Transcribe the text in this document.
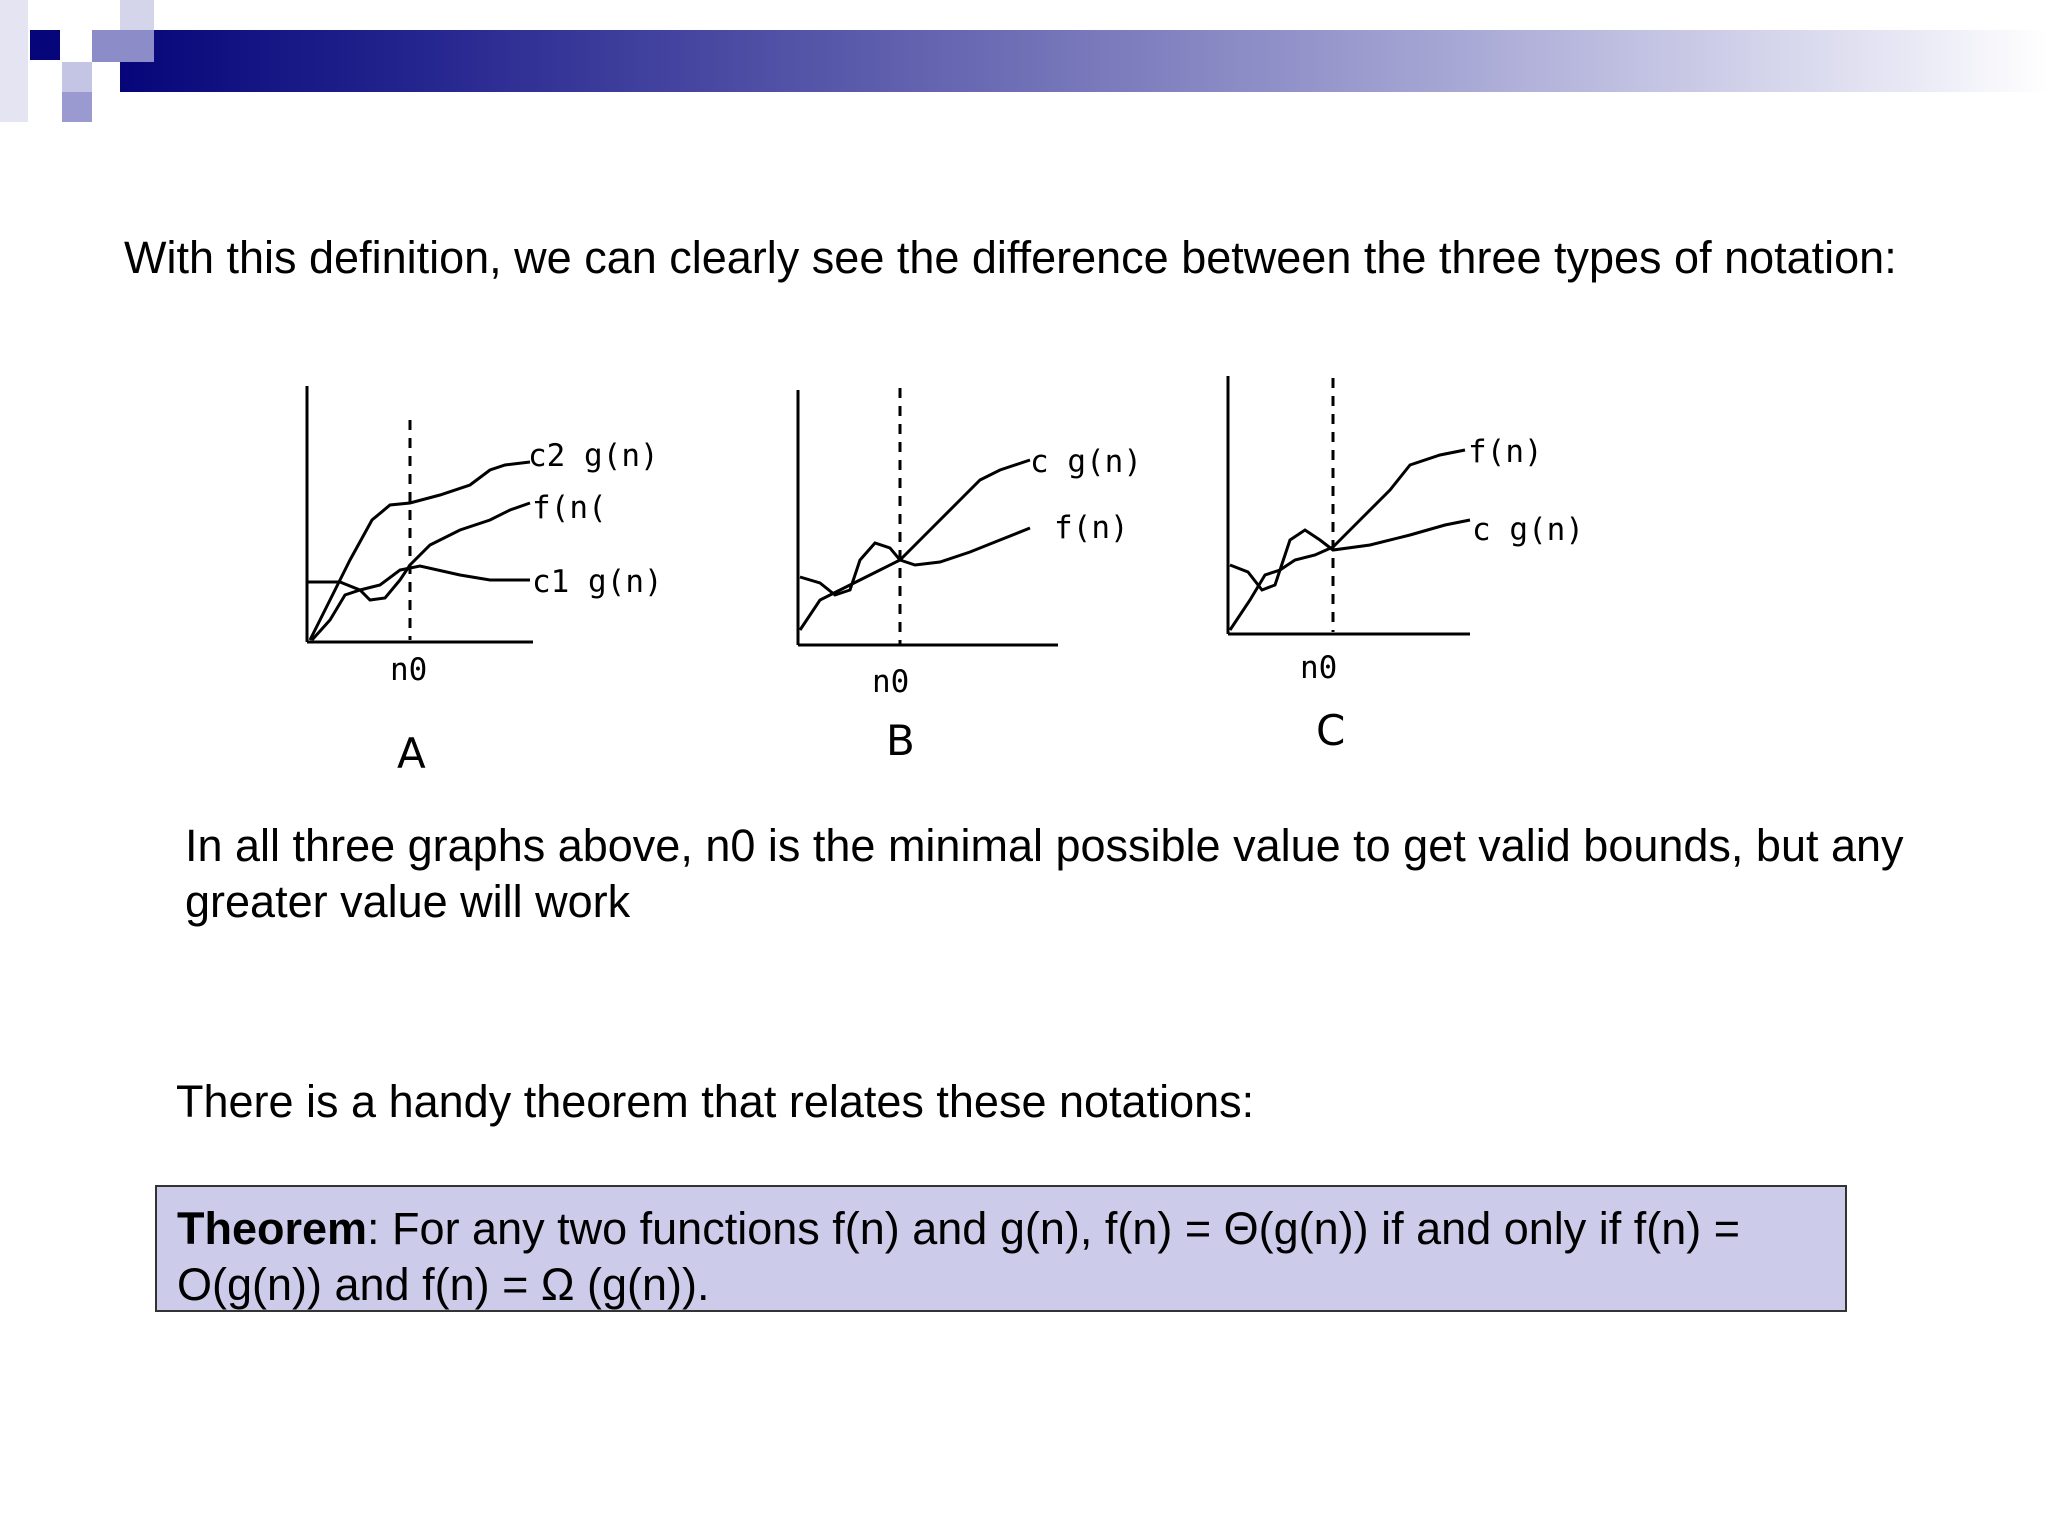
With this definition, we can clearly see the difference between the three types of notation:
c2 g(n)
f(n(
c1 g(n)
n0
A
c g(n)
f(n)
n0
B
f(n)
c g(n)
n0
C
In all three graphs above, n0 is the minimal possible value to get valid bounds, but any greater value will work
There is a handy theorem that relates these notations:
Theorem: For any two functions f(n) and g(n), f(n) = Θ(g(n)) if and only if f(n) = O(g(n)) and f(n) = Ω (g(n)).
